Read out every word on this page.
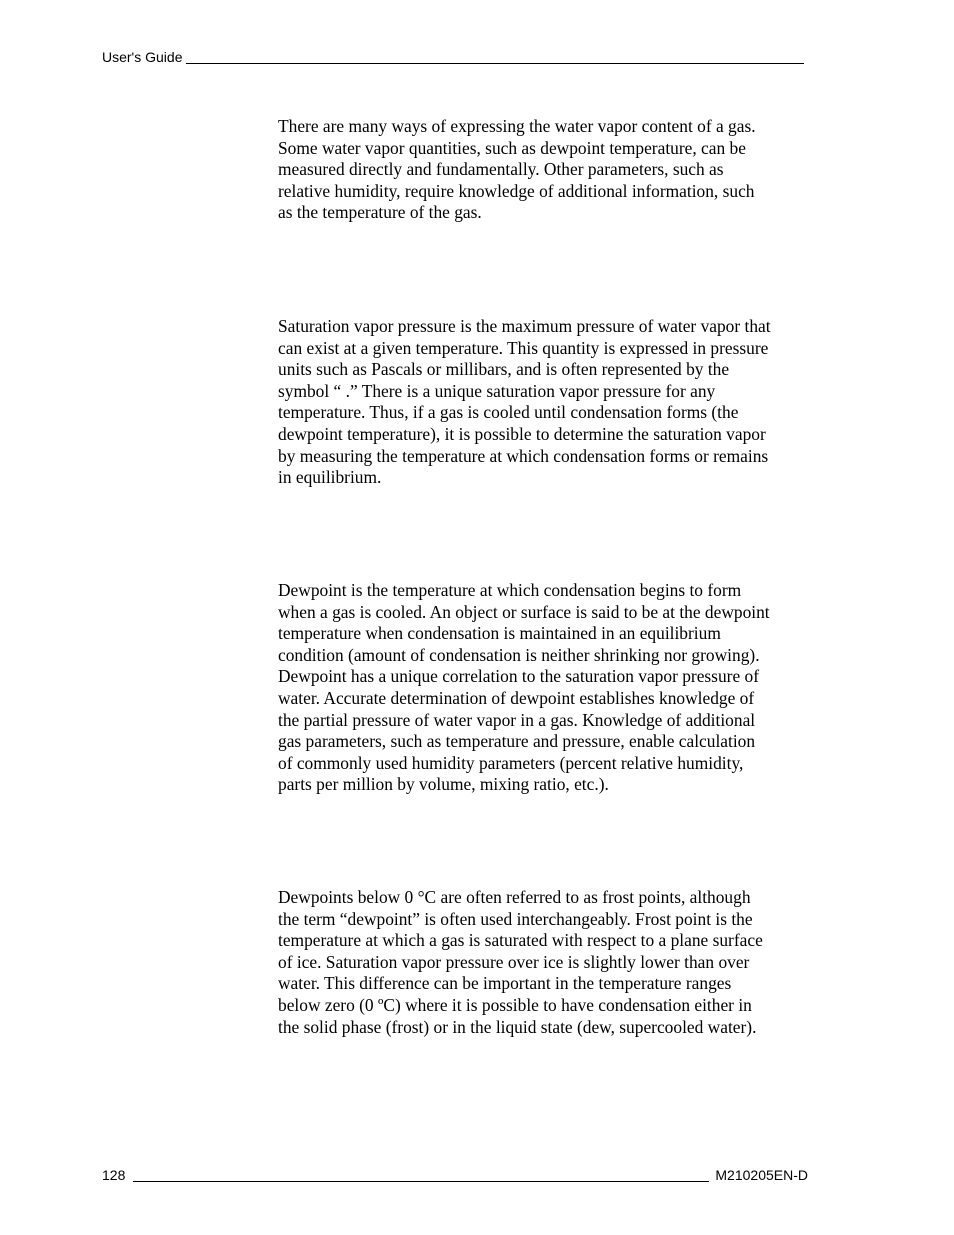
User's Guide

There are many ways of expressing the water vapor content of a gas.
Some water vapor quantities, such as dewpoint temperature, can be
measured directly and fundamentally. Other parameters, such as
relative humidity, require knowledge of additional information, such
as the temperature of the gas.

Saturation vapor pressure is the maximum pressure of water vapor that
can exist at a given temperature. This quantity is expressed in pressure
units such as Pascals or millibars, and is often represented by the
symbol “ .” There is a unique saturation vapor pressure for any
temperature. Thus, if a gas is cooled until condensation forms (the
dewpoint temperature), it is possible to determine the saturation vapor
by measuring the temperature at which condensation forms or remains
in equilibrium.

Dewpoint is the temperature at which condensation begins to form
when a gas is cooled. An object or surface is said to be at the dewpoint
temperature when condensation is maintained in an equilibrium
condition (amount of condensation is neither shrinking nor growing).
Dewpoint has a unique correlation to the saturation vapor pressure of
water. Accurate determination of dewpoint establishes knowledge of
the partial pressure of water vapor in a gas. Knowledge of additional
gas parameters, such as temperature and pressure, enable calculation
of commonly used humidity parameters (percent relative humidity,
parts per million by volume, mixing ratio, etc.).

Dewpoints below 0 °C are often referred to as frost points, although
the term “dewpoint” is often used interchangeably. Frost point is the
temperature at which a gas is saturated with respect to a plane surface
of ice. Saturation vapor pressure over ice is slightly lower than over
water. This difference can be important in the temperature ranges
below zero (0 ºC) where it is possible to have condensation either in
the solid phase (frost) or in the liquid state (dew, supercooled water).

128	M210205EN-D
